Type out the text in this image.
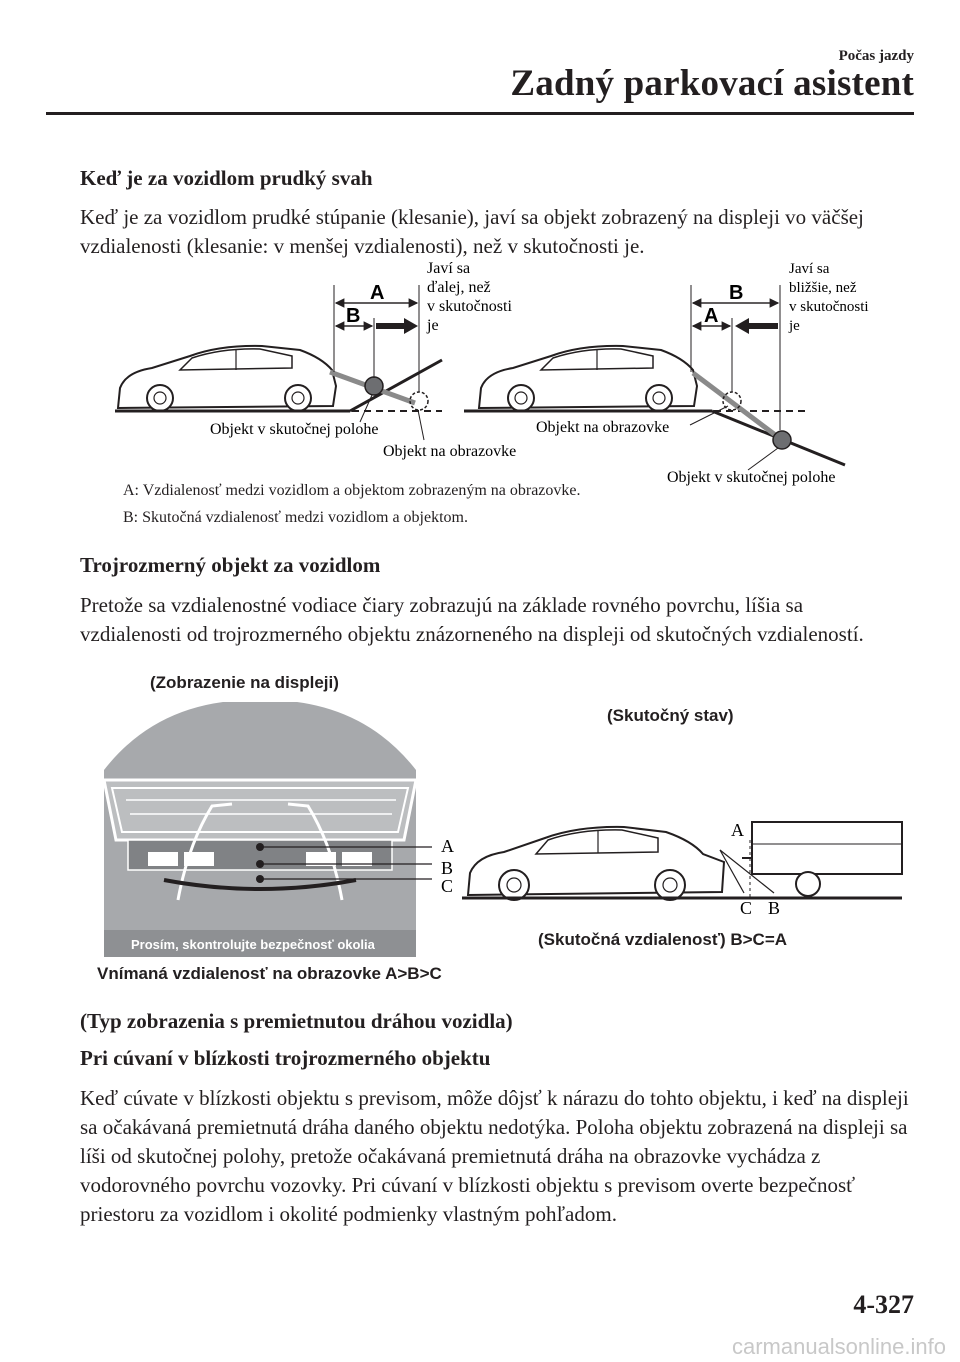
Počas jazdy
Zadný parkovací asistent
Keď je za vozidlom prudký svah
Keď je za vozidlom prudké stúpanie (klesanie), javí sa objekt zobrazený na displeji vo väčšej vzdialenosti (klesanie: v menšej vzdialenosti), než v skutočnosti je.
A
B
Javí sa
ďalej, než
v skutočnosti
je
Objekt v skutočnej polohe
Objekt na obrazovke
B
A
Javí sa
bližšie, než
v skutočnosti
je
Objekt na obrazovke
Objekt v skutočnej polohe
A: Vzdialenosť medzi vozidlom a objektom zobrazeným na obrazovke.
B: Skutočná vzdialenosť medzi vozidlom a objektom.
Trojrozmerný objekt za vozidlom
Pretože sa vzdialenostné vodiace čiary zobrazujú na základe rovného povrchu, líšia sa vzdialenosti od trojrozmerného objektu znázorneného na displeji od skutočných vzdialeností.
(Zobrazenie na displeji)
(Skutočný stav)
Prosím, skontrolujte bezpečnosť okolia
A
B
C
A
C B
(Skutočná vzdialenosť) B>C=A
Vnímaná vzdialenosť na obrazovke A>B>C
(Typ zobrazenia s premietnutou dráhou vozidla)
Pri cúvaní v blízkosti trojrozmerného objektu
Keď cúvate v blízkosti objektu s previsom, môže dôjsť k nárazu do tohto objektu, i keď na displeji sa očakávaná premietnutá dráha daného objektu nedotýka. Poloha objektu zobrazená na displeji sa líši od skutočnej polohy, pretože očakávaná premietnutá dráha na obrazovke vychádza z vodorovného povrchu vozovky. Pri cúvaní v blízkosti objektu s previsom overte bezpečnosť priestoru za vozidlom i okolité podmienky vlastným pohľadom.
4-327
carmanualsonline.info
